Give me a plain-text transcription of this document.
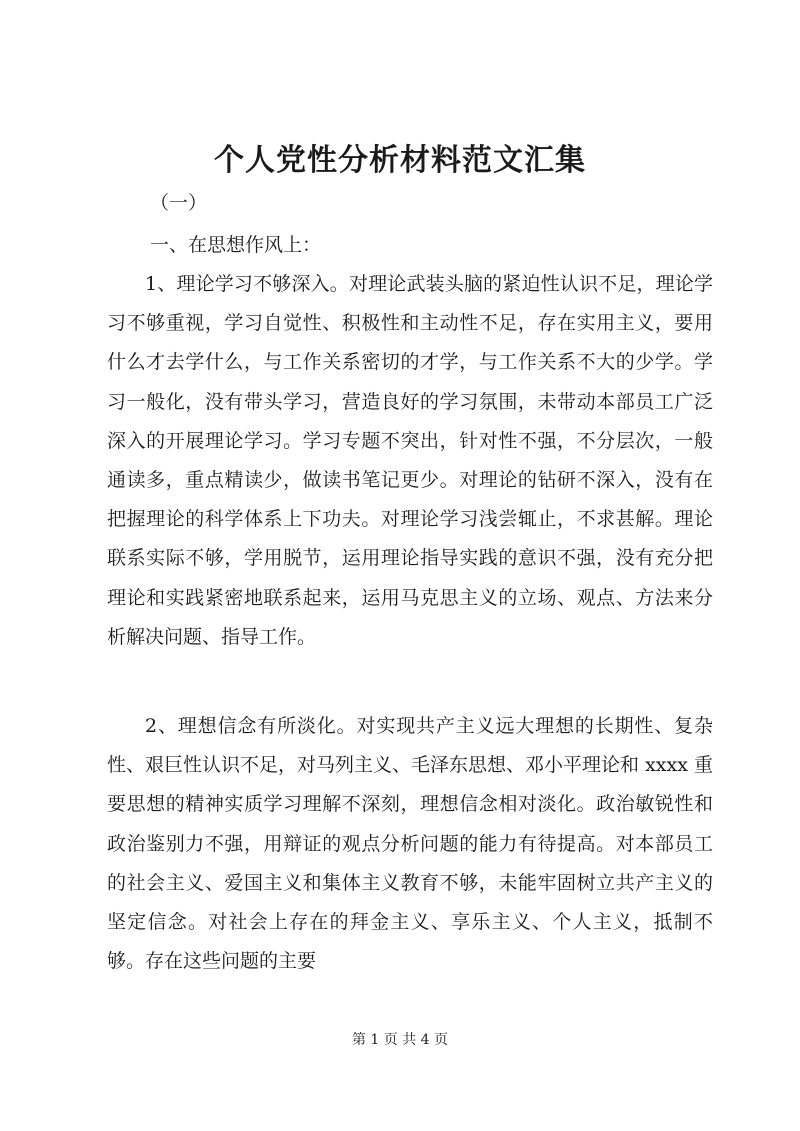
个人党性分析材料范文汇集
（一）
一、在思想作风上：

1、理论学习不够深入。对理论武装头脑的紧迫性认识不足，理论学习不够重视，学习自觉性、积极性和主动性不足，存在实用主义，要用什么才去学什么，与工作关系密切的才学，与工作关系不大的少学。学习一般化，没有带头学习，营造良好的学习氛围，未带动本部员工广泛深入的开展理论学习。学习专题不突出，针对性不强，不分层次，一般通读多，重点精读少，做读书笔记更少。对理论的钻研不深入，没有在把握理论的科学体系上下功夫。对理论学习浅尝辄止，不求甚解。理论联系实际不够，学用脱节，运用理论指导实践的意识不强，没有充分把理论和实践紧密地联系起来，运用马克思主义的立场、观点、方法来分析解决问题、指导工作。

2、理想信念有所淡化。对实现共产主义远大理想的长期性、复杂性、艰巨性认识不足，对马列主义、毛泽东思想、邓小平理论和 xxxx 重要思想的精神实质学习理解不深刻，理想信念相对淡化。政治敏锐性和政治鉴别力不强，用辩证的观点分析问题的能力有待提高。对本部员工的社会主义、爱国主义和集体主义教育不够，未能牢固树立共产主义的坚定信念。对社会上存在的拜金主义、享乐主义、个人主义，抵制不够。存在这些问题的主要

第 1 页 共 4 页
